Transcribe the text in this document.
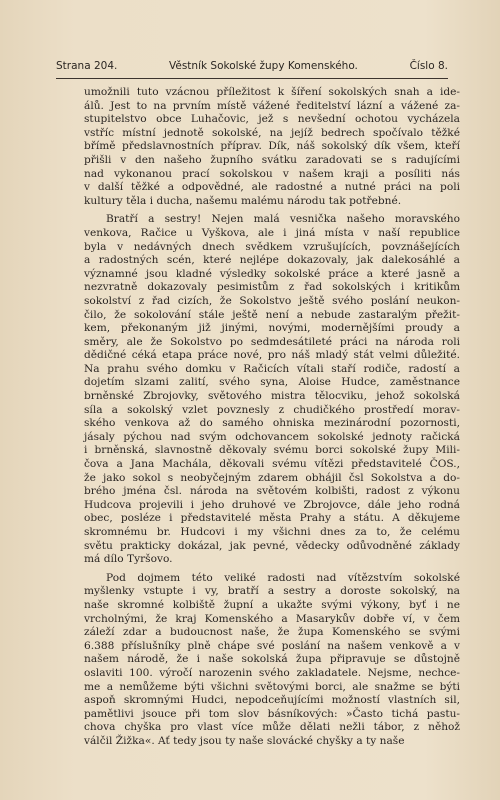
Strana 204.	Věstník Sokolské župy Komenského.	Číslo 8.
umožnili tuto vzácnou příležitost k šíření sokolských snah a ide-
álů. Jest to na prvním místě vážené ředitelství lázní a vážené za-
stupitelstvo obce Luhačovic, jež s nevšední ochotou vycházela
vstříc místní jednotě sokolské, na jejíž bedrech spočívalo těžké
břímě předslavnostních příprav. Dík, náš sokolský dík všem, kteří
přišli v den našeho župního svátku zaradovati se s radujícími
nad vykonanou prací sokolskou v našem kraji a posíliti nás
v další těžké a odpovědné, ale radostné a nutné práci na poli
kultury těla i ducha, našemu malému národu tak potřebné.
Bratří a sestry! Nejen malá vesnička našeho moravského
venkova, Račice u Vyškova, ale i jiná místa v naší republice
byla v nedávných dnech svědkem vzrušujících, povznášejících
a radostných scén, které nejlépe dokazovaly, jak dalekosáhlé a
významné jsou kladné výsledky sokolské práce a které jasně a
nezvratně dokazovaly pesimistům z řad sokolských i kritikům
sokolství z řad cizích, že Sokolstvo ještě svého poslání neukon-
čilo, že sokolování stále ještě není a nebude zastaralým přežit-
kem, překonaným již jinými, novými, modernějšími proudy a
směry, ale že Sokolstvo po sedmdesátileté práci na národa roli
dědičné céká etapa práce nové, pro náš mladý stát velmi důležité.
Na prahu svého domku v Račicích vítali staří rodiče, radostí a
dojetím slzami zalití, svého syna, Aloise Hudce, zaměstnance
brněnské Zbrojovky, světového mistra tělocviku, jehož sokolská
síla a sokolský vzlet povznesly z chudičkého prostředí morav-
ského venkova až do samého ohniska mezinárodní pozornosti,
jásaly pýchou nad svým odchovancem sokolské jednoty račická
i brněnská, slavnostně děkovaly svému borci sokolské župy Mili-
čova a Jana Machála, děkovali svému vítězi představitelé ČOS.,
že jako sokol s neobyčejným zdarem obhájil čsl Sokolstva a do-
brého jména čsl. národa na světovém kolbišti, radost z výkonu
Hudcova projevili i jeho druhové ve Zbrojovce, dále jeho rodná
obec, posléze i představitelé města Prahy a státu. A děkujeme
skromnému br. Hudcovi i my všichni dnes za to, že celému
světu prakticky dokázal, jak pevné, vědecky odůvodněné základy
má dílo Tyršovo.
Pod dojmem této veliké radosti nad vítězstvím sokolské
myšlenky vstupte i vy, bratří a sestry a doroste sokolský, na
naše skromné kolbiště župní a ukažte svými výkony, byť i ne
vrcholnými, že kraj Komenského a Masarykův dobře ví, v čem
záleží zdar a budoucnost naše, že župa Komenského se svými
6.388 příslušníky plně chápe své poslání na našem venkově a v
našem národě, že i naše sokolská župa připravuje se důstojně
oslaviti 100. výročí narozenin svého zakladatele. Nejsme, nechce-
me a nemůžeme býti všichni světovými borci, ale snažme se býti
aspoň skromnými Hudci, nepodceňujícími možností vlastních sil,
pamětlivi jsouce při tom slov básníkových: »Často tichá pastu-
chova chyška pro vlast více může dělati nežli tábor, z něhož
válčil Žižka«. Ať tedy jsou ty naše slovácké chyšky a ty naše
